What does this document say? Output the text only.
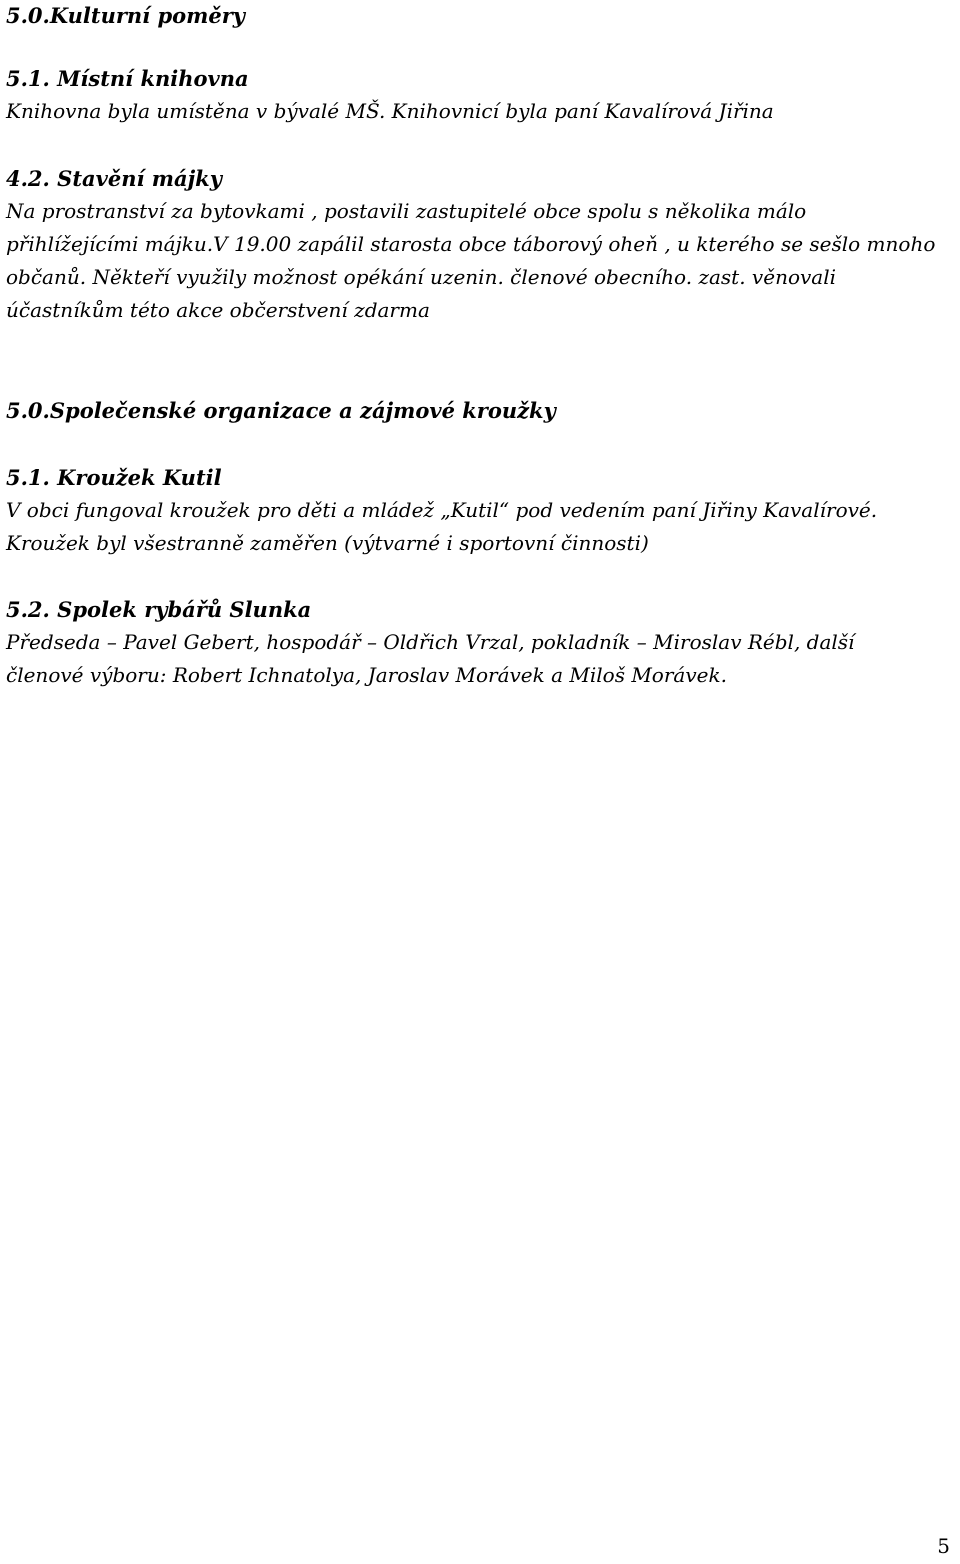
5.0.Kulturní poměry
5.1. Místní knihovna

Knihovna byla umístěna v bývalé MŠ. Knihovnicí byla paní Kavalírová Jiřina

4.2. Stavění májky

Na prostranství za bytovkami , postavili zastupitelé obce spolu s několika málo

přihlížejícími májku.V 19.00 zapálil starosta obce táborový oheň , u kterého se sešlo mnoho

občanů. Někteří využily možnost opékání uzenin. členové obecního. zast. věnovali

účastníkům této akce občerstvení zdarma

5.0.Společenské organizace a zájmové kroužky
5.1. Kroužek Kutil

V obci fungoval kroužek pro děti a mládež „Kutil“ pod vedením paní Jiřiny Kavalírové.

Kroužek byl všestranně zaměřen (výtvarné i sportovní činnosti)

5.2. Spolek rybářů Slunka

Předseda – Pavel Gebert, hospodář – Oldřich Vrzal, pokladník – Miroslav Rébl, další

členové výboru: Robert Ichnatolya, Jaroslav Morávek a Miloš Morávek.

5
